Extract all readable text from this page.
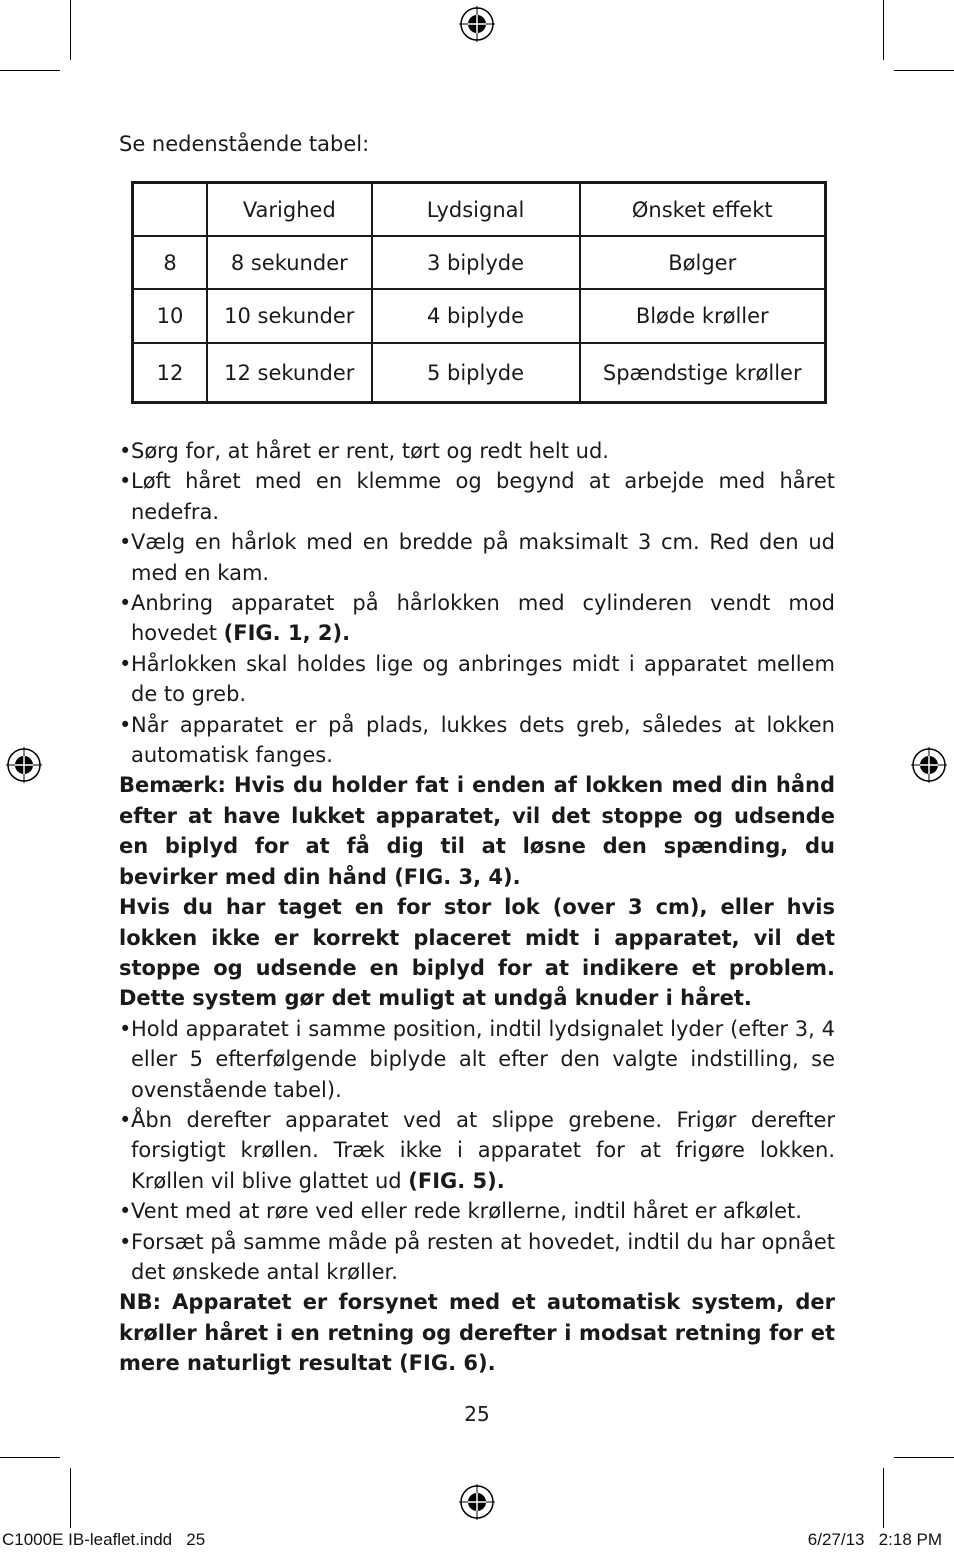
Se nedenstående tabel:

	Varighed	Lydsignal	Ønsket effekt
8	8 sekunder	3 biplyde	Bølger
10	10 sekunder	4 biplyde	Bløde krøller
12	12 sekunder	5 biplyde	Spændstige krøller
• Sørg for, at håret er rent, tørt og redt helt ud.
• Løft håret med en klemme og begynd at arbejde med håret nedefra.
• Vælg en hårlok med en bredde på maksimalt 3 cm. Red den ud med en kam.
• Anbring apparatet på hårlokken med cylinderen vendt mod hovedet (FIG. 1, 2).
• Hårlokken skal holdes lige og anbringes midt i apparatet mellem de to greb.
• Når apparatet er på plads, lukkes dets greb, således at lokken automatisk fanges.
Bemærk: Hvis du holder fat i enden af lokken med din hånd efter at have lukket apparatet, vil det stoppe og udsende en biplyd for at få dig til at løsne den spænding, du bevirker med din hånd (FIG. 3, 4).
Hvis du har taget en for stor lok (over 3 cm), eller hvis lokken ikke er korrekt placeret midt i apparatet, vil det stoppe og udsende en biplyd for at indikere et problem. Dette system gør det muligt at undgå knuder i håret.
• Hold apparatet i samme position, indtil lydsignalet lyder (efter 3, 4 eller 5 efterfølgende biplyde alt efter den valgte indstilling, se ovenstående tabel).
• Åbn derefter apparatet ved at slippe grebene. Frigør derefter forsigtigt krøllen. Træk ikke i apparatet for at frigøre lokken. Krøllen vil blive glattet ud (FIG. 5).
• Vent med at røre ved eller rede krøllerne, indtil håret er afkølet.
• Forsæt på samme måde på resten at hovedet, indtil du har opnået det ønskede antal krøller.
NB: Apparatet er forsynet med et automatisk system, der krøller håret i en retning og derefter i modsat retning for et mere naturligt resultat (FIG. 6).
25
C1000E IB-leaflet.indd   25	6/27/13   2:18 PM
